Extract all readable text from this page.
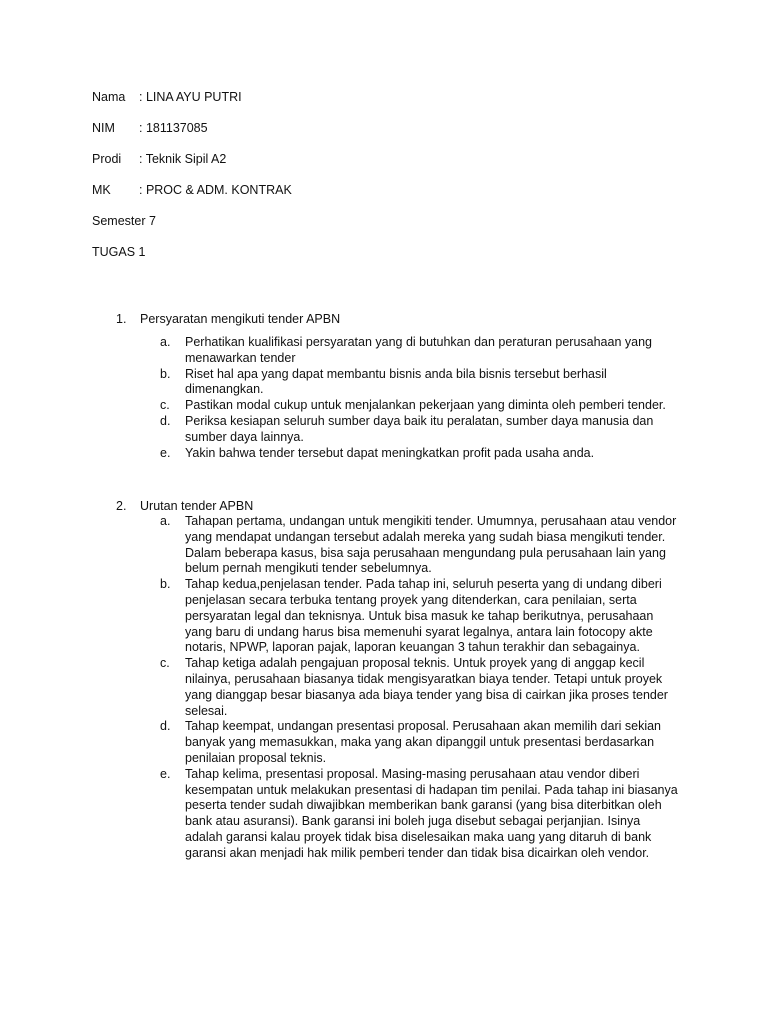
Nama : LINA AYU PUTRI
NIM : 181137085
Prodi : Teknik Sipil A2
MK : PROC & ADM. KONTRAK
Semester 7
TUGAS 1
1. Persyaratan mengikuti tender APBN
a. Perhatikan kualifikasi persyaratan yang di butuhkan dan peraturan perusahaan yang menawarkan tender
b. Riset hal apa yang dapat membantu bisnis anda bila bisnis tersebut berhasil dimenangkan.
c. Pastikan modal cukup untuk menjalankan pekerjaan yang diminta oleh pemberi tender.
d. Periksa kesiapan seluruh sumber daya baik itu peralatan, sumber daya manusia dan sumber daya lainnya.
e. Yakin bahwa tender tersebut dapat meningkatkan profit pada usaha anda.
2. Urutan tender APBN
a. Tahapan pertama, undangan untuk mengikiti tender. Umumnya, perusahaan atau vendor yang mendapat undangan tersebut adalah mereka yang sudah biasa mengikuti tender. Dalam beberapa kasus, bisa saja perusahaan mengundang pula perusahaan lain yang belum pernah mengikuti tender sebelumnya.
b. Tahap kedua,penjelasan tender. Pada tahap ini, seluruh peserta yang di undang diberi penjelasan secara terbuka tentang proyek yang ditenderkan, cara penilaian, serta persyaratan legal dan teknisnya. Untuk bisa masuk ke tahap berikutnya, perusahaan yang baru di undang harus bisa memenuhi syarat legalnya, antara lain fotocopy akte notaris, NPWP, laporan pajak, laporan keuangan 3 tahun terakhir dan sebagainya.
c. Tahap ketiga adalah pengajuan proposal teknis. Untuk proyek yang di anggap kecil nilainya, perusahaan biasanya tidak mengisyaratkan biaya tender. Tetapi untuk proyek yang dianggap besar biasanya ada biaya tender yang bisa di cairkan jika proses tender selesai.
d. Tahap keempat, undangan presentasi proposal. Perusahaan akan memilih dari sekian banyak yang memasukkan, maka yang akan dipanggil untuk presentasi berdasarkan penilaian proposal teknis.
e. Tahap kelima, presentasi proposal. Masing-masing perusahaan atau vendor diberi kesempatan untuk melakukan presentasi di hadapan tim penilai. Pada tahap ini biasanya peserta tender sudah diwajibkan memberikan bank garansi (yang bisa diterbitkan oleh bank atau asuransi). Bank garansi ini boleh juga disebut sebagai perjanjian. Isinya adalah garansi kalau proyek tidak bisa diselesaikan maka uang yang ditaruh di bank garansi akan menjadi hak milik pemberi tender dan tidak bisa dicairkan oleh vendor.
